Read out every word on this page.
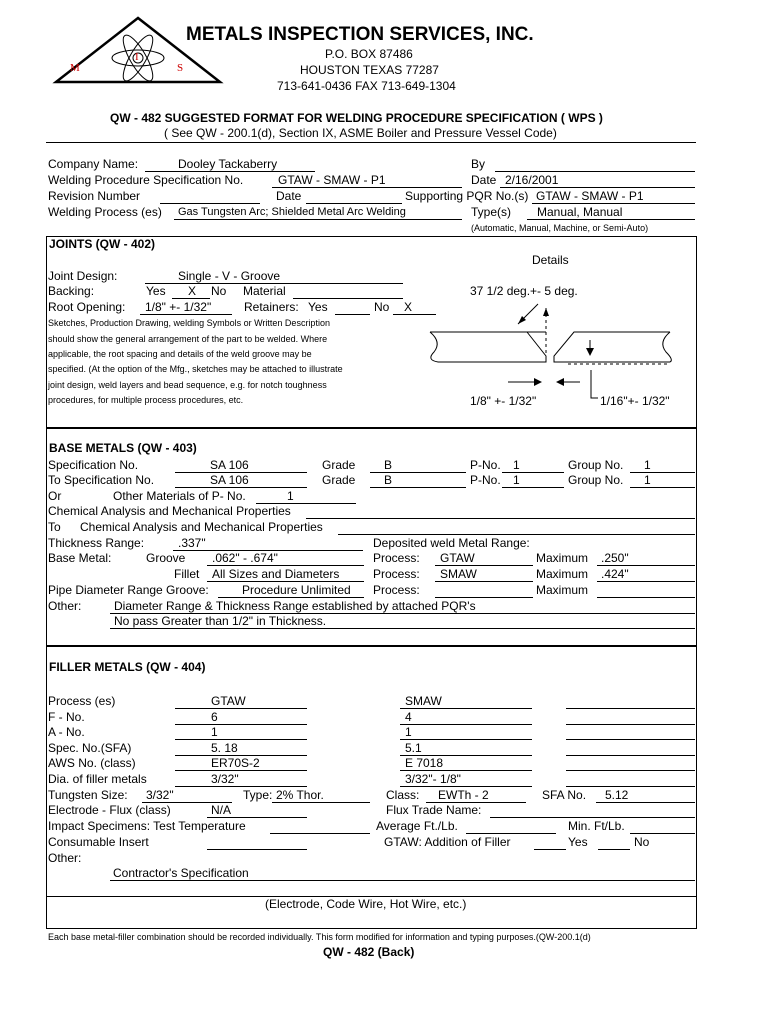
M
I
S
METALS INSPECTION SERVICES, INC.
P.O. BOX 87486
HOUSTON TEXAS 77287
713-641-0436 FAX 713-649-1304
QW - 482 SUGGESTED FORMAT FOR WELDING PROCEDURE SPECIFICATION ( WPS )
( See QW - 200.1(d), Section IX, ASME Boiler and Pressure Vessel Code)
Company Name:	Dooley Tackaberry	By
Welding Procedure Specification No.	GTAW - SMAW - P1	Date 2/16/2001
Revision Number	Date	Supporting PQR No.(s) GTAW - SMAW - P1
Welding Process (es) Gas Tungsten Arc; Shielded Metal Arc Welding	Type(s) Manual, Manual
(Automatic, Manual, Machine, or Semi-Auto)
JOINTS (QW - 402)
Details
Joint Design:	Single - V - Groove
Backing:	Yes X No Material
Root Opening: 1/8" +- 1/32"	Retainers: Yes	No X
Sketches, Production Drawing, welding Symbols or Written Description
should show the general arrangement of the part to be welded. Where
applicable, the root spacing and details of the weld groove may be
specified. (At the option of the Mfg., sketches may be attached to illustrate
joint design, weld layers and bead sequence, e.g. for notch toughness
procedures, for multiple process procedures, etc.
37 1/2 deg.+- 5 deg.
1/8" +- 1/32"	1/16"+- 1/32"
BASE METALS (QW - 403)
Specification No.	SA 106	Grade B	P-No. 1	Group No. 1
To Specification No.	SA 106	Grade B	P-No. 1	Group No. 1
Or	Other Materials of P- No.	1
Chemical Analysis and Mechanical Properties
To Chemical Analysis and Mechanical Properties
Thickness Range:	.337"	Deposited weld Metal Range:
Base Metal:	Groove .062" - .674"	Process: GTAW	Maximum .250"
Fillet All Sizes and Diameters	Process: SMAW	Maximum .424"
Pipe Diameter Range Groove:	Procedure Unlimited Process:	Maximum
Other:	Diameter Range & Thickness Range established by attached PQR's
No pass Greater than 1/2" in Thickness.
FILLER METALS (QW - 404)
Process (es)	GTAW	SMAW
F - No.	6	4
A - No.	1	1
Spec. No.(SFA)	5. 18	5.1
AWS No. (class)	ER70S-2	E 7018
Dia. of filler metals	3/32"	3/32"- 1/8"
Tungsten Size: 3/32"	Type: 2% Thor.	Class: EWTh - 2	SFA No. 5.12
Electrode - Flux (class)	N/A	Flux Trade Name:
Impact Specimens: Test Temperature	Average Ft./Lb.	Min. Ft/Lb.
Consumable Insert	GTAW: Addition of Filler	Yes	No
Other:
Contractor's Specification
(Electrode, Code Wire, Hot Wire, etc.)
Each base metal-filler combination should be recorded individually. This form modified for information and typing purposes.(QW-200.1(d)
QW - 482 (Back)
